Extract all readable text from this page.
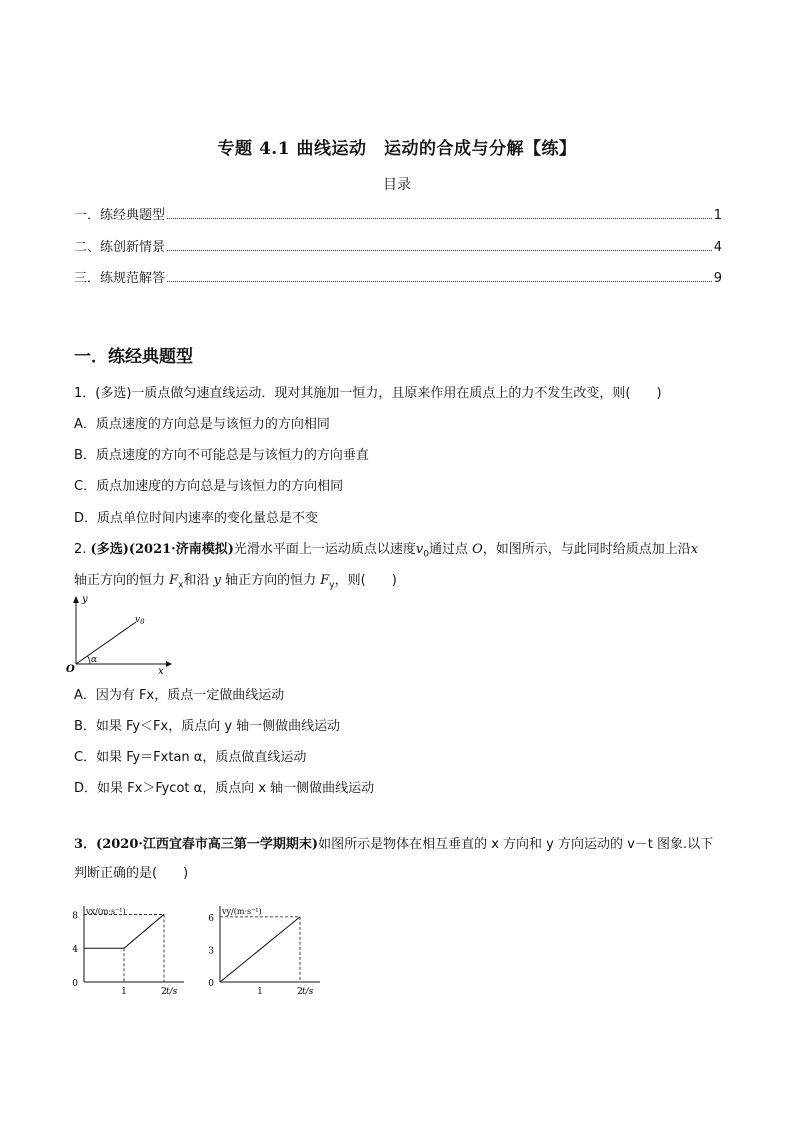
专题 4.1 曲线运动　运动的合成与分解【练】
目录
一．练经典题型	1
二、练创新情景	4
三．练规范解答	9
一．练经典题型
1．(多选)一质点做匀速直线运动．现对其施加一恒力，且原来作用在质点上的力不发生改变，则(　　)
A．质点速度的方向总是与该恒力的方向相同
B．质点速度的方向不可能总是与该恒力的方向垂直
C．质点加速度的方向总是与该恒力的方向相同
D．质点单位时间内速率的变化量总是不变
2. (多选)(2021·济南模拟)光滑水平面上一运动质点以速度$v_0$通过点 O，如图所示，与此同时给质点加上沿x
轴正方向的恒力 $F_x$和沿 y 轴正方向的恒力 $F_y$，则(　　)
y
x
O
α
$v_0$
A．因为有 Fx，质点一定做曲线运动
B．如果 Fy＜Fx，质点向 y 轴一侧做曲线运动
C．如果 Fy＝Fxtan α，质点做直线运动
D．如果 Fx＞Fycot α，质点向 x 轴一侧做曲线运动
3．(2020·江西宜春市高三第一学期期末)如图所示是物体在相互垂直的 x 方向和 y 方向运动的 v－t 图象.以下
判断正确的是(　　)
vx/(m·s⁻¹)
t/s
0
4
8
1	2
vy/(m·s⁻¹)
t/s
0
3
6
1	2
